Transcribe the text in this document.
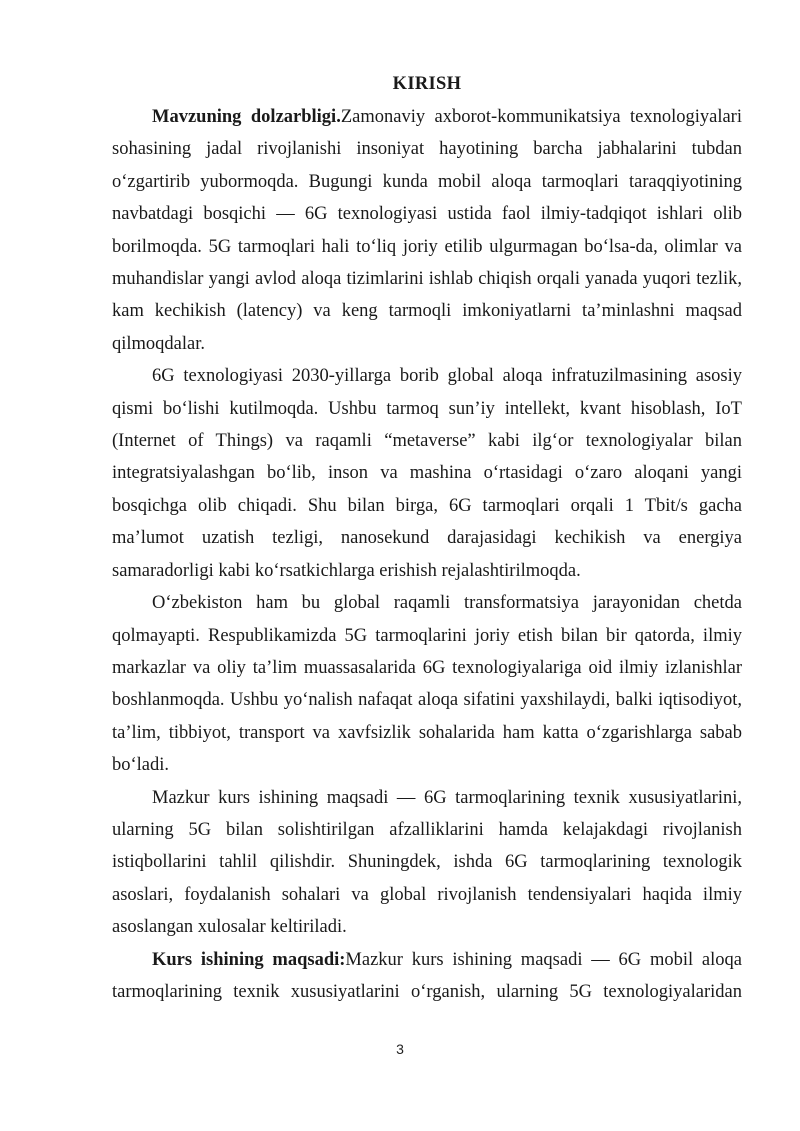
KIRISH

Mavzuning dolzarbligi.Zamonaviy axborot-kommunikatsiya texnologiyalari sohasining jadal rivojlanishi insoniyat hayotining barcha jabhalarini tubdan o‘zgartirib yubormoqda. Bugungi kunda mobil aloqa tarmoqlari taraqqiyotining navbatdagi bosqichi — 6G texnologiyasi ustida faol ilmiy-tadqiqot ishlari olib borilmoqda. 5G tarmoqlari hali to‘liq joriy etilib ulgurmagan bo‘lsa-da, olimlar va muhandislar yangi avlod aloqa tizimlarini ishlab chiqish orqali yanada yuqori tezlik, kam kechikish (latency) va keng tarmoqli imkoniyatlarni ta’minlashni maqsad qilmoqdalar.

6G texnologiyasi 2030-yillarga borib global aloqa infratuzilmasining asosiy qismi bo‘lishi kutilmoqda. Ushbu tarmoq sun’iy intellekt, kvant hisoblash, IoT (Internet of Things) va raqamli “metaverse” kabi ilg‘or texnologiyalar bilan integratsiyalashgan bo‘lib, inson va mashina o‘rtasidagi o‘zaro aloqani yangi bosqichga olib chiqadi. Shu bilan birga, 6G tarmoqlari orqali 1 Tbit/s gacha ma’lumot uzatish tezligi, nanosekund darajasidagi kechikish va energiya samaradorligi kabi ko‘rsatkichlarga erishish rejalashtirilmoqda.

O‘zbekiston ham bu global raqamli transformatsiya jarayonidan chetda qolmayapti. Respublikamizda 5G tarmoqlarini joriy etish bilan bir qatorda, ilmiy markazlar va oliy ta’lim muassasalarida 6G texnologiyalariga oid ilmiy izlanishlar boshlanmoqda. Ushbu yo‘nalish nafaqat aloqa sifatini yaxshilaydi, balki iqtisodiyot, ta’lim, tibbiyot, transport va xavfsizlik sohalarida ham katta o‘zgarishlarga sabab bo‘ladi.

Mazkur kurs ishining maqsadi — 6G tarmoqlarining texnik xususiyatlarini, ularning 5G bilan solishtirilgan afzalliklarini hamda kelajakdagi rivojlanish istiqbollarini tahlil qilishdir. Shuningdek, ishda 6G tarmoqlarining texnologik asoslari, foydalanish sohalari va global rivojlanish tendensiyalari haqida ilmiy asoslangan xulosalar keltiriladi.

Kurs ishining maqsadi:Mazkur kurs ishining maqsadi — 6G mobil aloqa tarmoqlarining texnik xususiyatlarini o‘rganish, ularning 5G texnologiyalaridan

3
